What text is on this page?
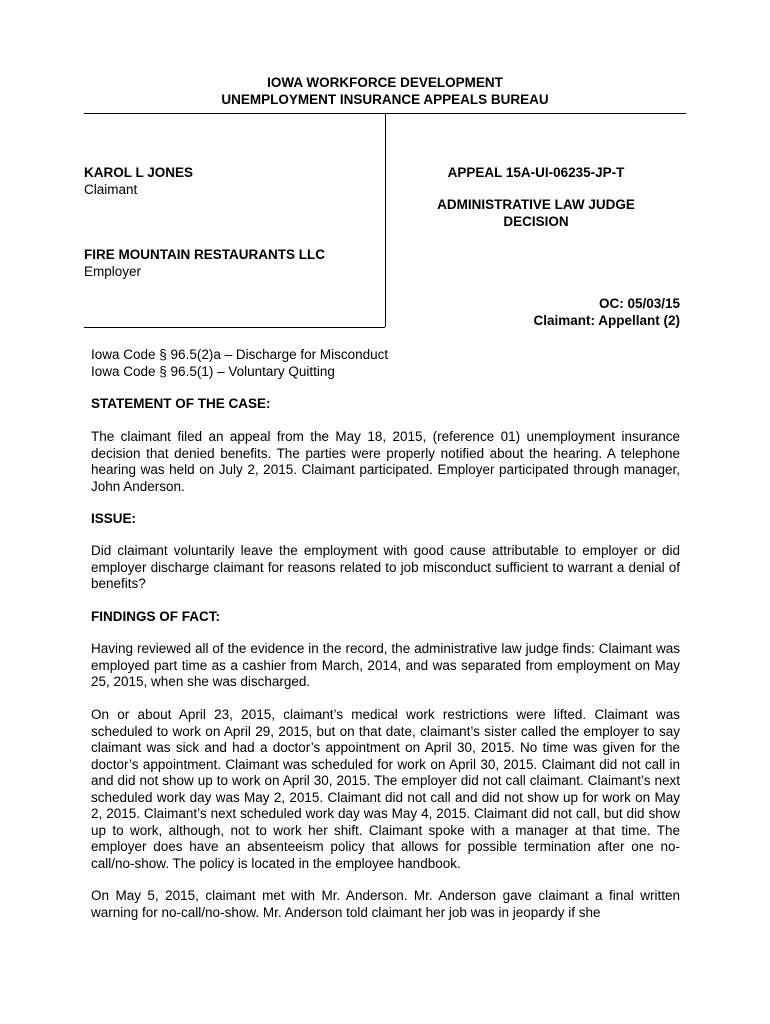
IOWA WORKFORCE DEVELOPMENT
UNEMPLOYMENT INSURANCE APPEALS BUREAU
KAROL L JONES
Claimant
FIRE MOUNTAIN RESTAURANTS LLC
Employer
APPEAL 15A-UI-06235-JP-T
ADMINISTRATIVE LAW JUDGE
DECISION
OC: 05/03/15
Claimant: Appellant (2)
Iowa Code § 96.5(2)a – Discharge for Misconduct
Iowa Code § 96.5(1) – Voluntary Quitting
STATEMENT OF THE CASE:
The claimant filed an appeal from the May 18, 2015, (reference 01) unemployment insurance decision that denied benefits. The parties were properly notified about the hearing. A telephone hearing was held on July 2, 2015. Claimant participated. Employer participated through manager, John Anderson.
ISSUE:
Did claimant voluntarily leave the employment with good cause attributable to employer or did employer discharge claimant for reasons related to job misconduct sufficient to warrant a denial of benefits?
FINDINGS OF FACT:
Having reviewed all of the evidence in the record, the administrative law judge finds: Claimant was employed part time as a cashier from March, 2014, and was separated from employment on May 25, 2015, when she was discharged.
On or about April 23, 2015, claimant’s medical work restrictions were lifted. Claimant was scheduled to work on April 29, 2015, but on that date, claimant’s sister called the employer to say claimant was sick and had a doctor’s appointment on April 30, 2015. No time was given for the doctor’s appointment. Claimant was scheduled for work on April 30, 2015. Claimant did not call in and did not show up to work on April 30, 2015. The employer did not call claimant. Claimant’s next scheduled work day was May 2, 2015. Claimant did not call and did not show up for work on May 2, 2015. Claimant’s next scheduled work day was May 4, 2015. Claimant did not call, but did show up to work, although, not to work her shift. Claimant spoke with a manager at that time. The employer does have an absenteeism policy that allows for possible termination after one no-call/no-show. The policy is located in the employee handbook.
On May 5, 2015, claimant met with Mr. Anderson. Mr. Anderson gave claimant a final written warning for no-call/no-show. Mr. Anderson told claimant her job was in jeopardy if she
